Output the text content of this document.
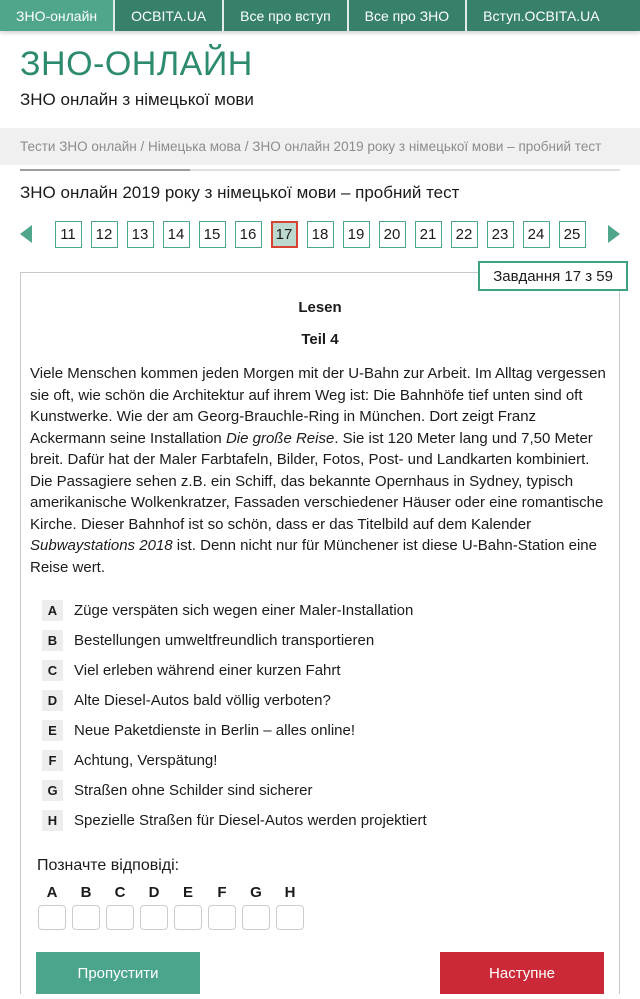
ЗНО-онлайн	ОСВІТА.UA	Все про вступ	Все про ЗНО	Вступ.ОСВІТА.UA
ЗНО-ОНЛАЙН
ЗНО онлайн з німецької мови
Тести ЗНО онлайн / Німецька мова / ЗНО онлайн 2019 року з німецької мови – пробний тест
ЗНО онлайн 2019 року з німецької мови – пробний тест
11	12	13	14	15	16	17	18	19	20	21	22	23	24	25
Завдання 17 з 59
Lesen
Teil 4

Viele Menschen kommen jeden Morgen mit der U-Bahn zur Arbeit. Im Alltag vergessen sie oft, wie schön die Architektur auf ihrem Weg ist: Die Bahnhöfe tief unten sind oft Kunstwerke. Wie der am Georg-Brauchle-Ring in München. Dort zeigt Franz Ackermann seine Installation Die große Reise. Sie ist 120 Meter lang und 7,50 Meter breit. Dafür hat der Maler Farbtafeln, Bilder, Fotos, Post- und Landkarten kombiniert. Die Passagiere sehen z.B. ein Schiff, das bekannte Opernhaus in Sydney, typisch amerikanische Wolkenkratzer, Fassaden verschiedener Häuser oder eine romantische Kirche. Dieser Bahnhof ist so schön, dass er das Titelbild auf dem Kalender Subwaystations 2018 ist. Denn nicht nur für Münchener ist diese U-Bahn-Station eine Reise wert.

A	Züge verspäten sich wegen einer Maler-Installation
B	Bestellungen umweltfreundlich transportieren
C	Viel erleben während einer kurzen Fahrt
D	Alte Diesel-Autos bald völlig verboten?
E	Neue Paketdienste in Berlin – alles online!
F	Achtung, Verspätung!
G	Straßen ohne Schilder sind sicherer
H	Spezielle Straßen für Diesel-Autos werden projektiert
Позначте відповіді:
A	B	C	D	E	F	G	H
Пропустити	Наступне
